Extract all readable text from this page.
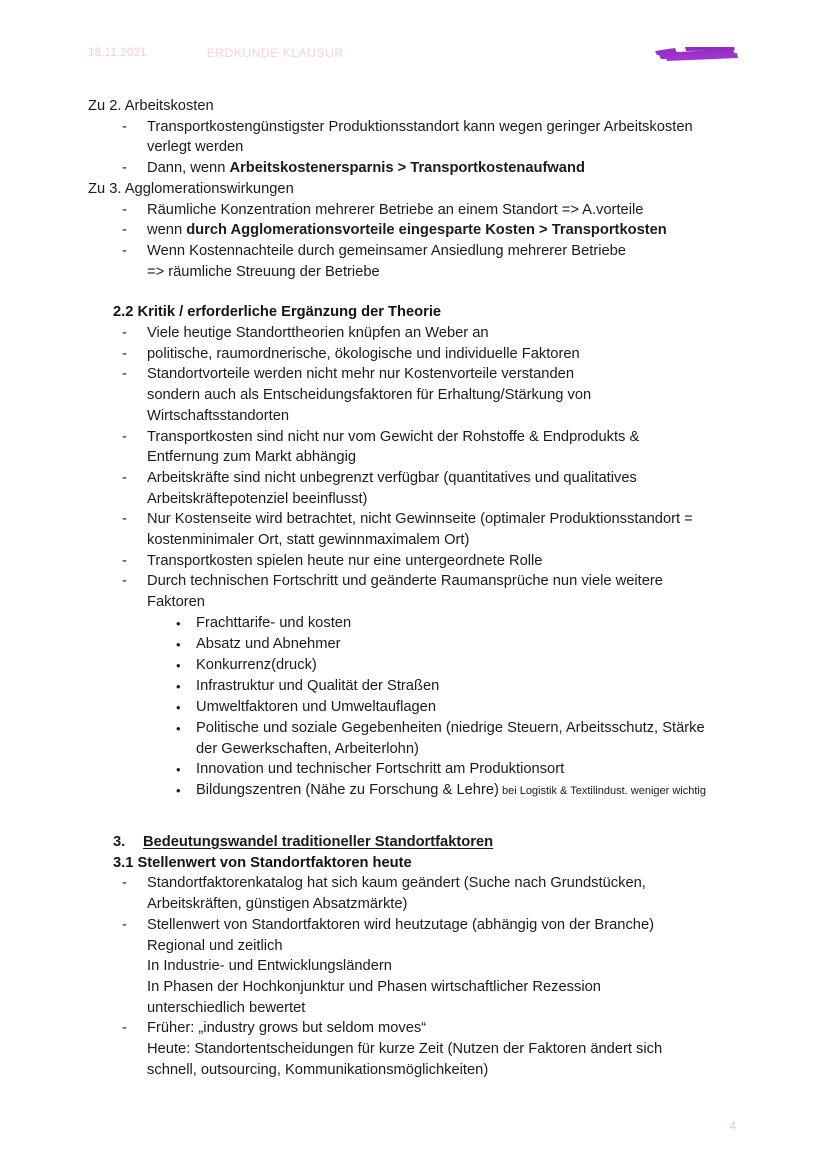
18.11.2021	ERDKUNDE KLAUSUR
Zu 2. Arbeitskosten
-	Transportkostengünstigster Produktionsstandort kann wegen geringer Arbeitskosten
verlegt werden
-	Dann, wenn Arbeitskostenersparnis > Transportkostenaufwand
Zu 3. Agglomerationswirkungen
-	Räumliche Konzentration mehrerer Betriebe an einem Standort => A.vorteile
-	wenn durch Agglomerationsvorteile eingesparte Kosten > Transportkosten
-	Wenn Kostennachteile durch gemeinsamer Ansiedlung mehrerer Betriebe
=> räumliche Streuung der Betriebe
2.2 Kritik / erforderliche Ergänzung der Theorie
-	Viele heutige Standorttheorien knüpfen an Weber an
-	politische, raumordnerische, ökologische und individuelle Faktoren
-	Standortvorteile werden nicht mehr nur Kostenvorteile verstanden
sondern auch als Entscheidungsfaktoren für Erhaltung/Stärkung von
Wirtschaftsstandorten
-	Transportkosten sind nicht nur vom Gewicht der Rohstoffe & Endprodukts &
Entfernung zum Markt abhängig
-	Arbeitskräfte sind nicht unbegrenzt verfügbar (quantitatives und qualitatives
Arbeitskräftepotenziel beeinflusst)
-	Nur Kostenseite wird betrachtet, nicht Gewinnseite (optimaler Produktionsstandort =
kostenminimaler Ort, statt gewinnmaximalem Ort)
-	Transportkosten spielen heute nur eine untergeordnete Rolle
-	Durch technischen Fortschritt und geänderte Raumansprüche nun viele weitere
Faktoren
•	Frachttarife- und kosten
•	Absatz und Abnehmer
•	Konkurrenz(druck)
•	Infrastruktur und Qualität der Straßen
•	Umweltfaktoren und Umweltauflagen
•	Politische und soziale Gegebenheiten (niedrige Steuern, Arbeitsschutz, Stärke
der Gewerkschaften, Arbeiterlohn)
•	Innovation und technischer Fortschritt am Produktionsort
•	Bildungszentren (Nähe zu Forschung & Lehre) bei Logistik & Textilindust. weniger wichtig
3.	Bedeutungswandel traditioneller Standortfaktoren
3.1 Stellenwert von Standortfaktoren heute
-	Standortfaktorenkatalog hat sich kaum geändert (Suche nach Grundstücken,
Arbeitskräften, günstigen Absatzmärkte)
-	Stellenwert von Standortfaktoren wird heutzutage (abhängig von der Branche)
Regional und zeitlich
In Industrie- und Entwicklungsländern
In Phasen der Hochkonjunktur und Phasen wirtschaftlicher Rezession
unterschiedlich bewertet
-	Früher: „industry grows but seldom moves“
Heute: Standortentscheidungen für kurze Zeit (Nutzen der Faktoren ändert sich
schnell, outsourcing, Kommunikationsmöglichkeiten)
4
